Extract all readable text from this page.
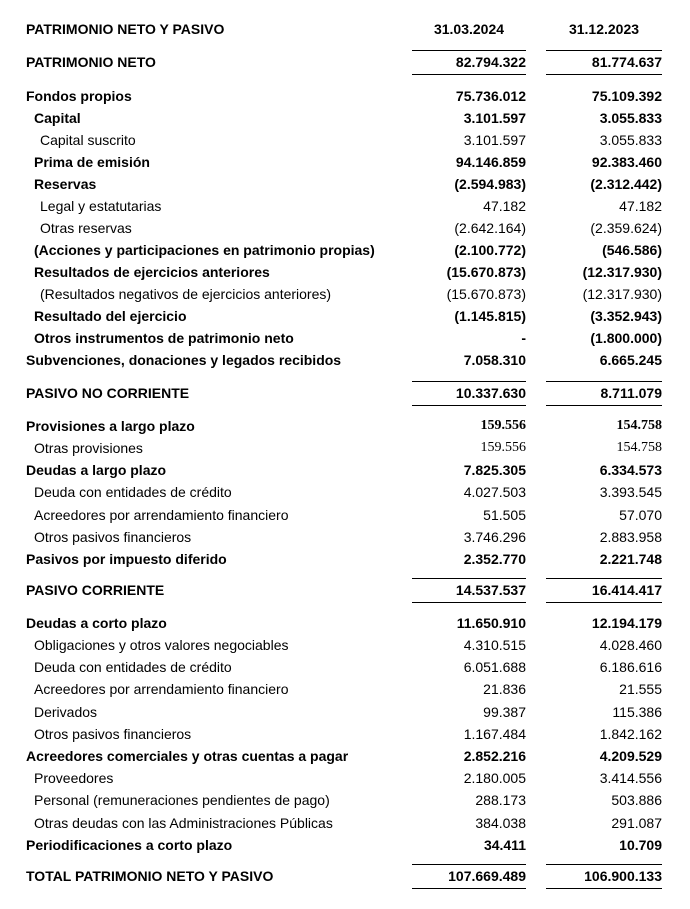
PATRIMONIO NETO Y PASIVO	31.03.2024	31.12.2023
PATRIMONIO NETO	82.794.322	81.774.637
Fondos propios	75.736.012	75.109.392
Capital	3.101.597	3.055.833
Capital suscrito	3.101.597	3.055.833
Prima de emisión	94.146.859	92.383.460
Reservas	(2.594.983)	(2.312.442)
Legal y estatutarias	47.182	47.182
Otras reservas	(2.642.164)	(2.359.624)
(Acciones y participaciones en patrimonio propias)	(2.100.772)	(546.586)
Resultados de ejercicios anteriores	(15.670.873)	(12.317.930)
(Resultados negativos de ejercicios anteriores)	(15.670.873)	(12.317.930)
Resultado del ejercicio	(1.145.815)	(3.352.943)
Otros instrumentos de patrimonio neto	-	(1.800.000)
Subvenciones, donaciones y legados recibidos	7.058.310	6.665.245
PASIVO NO CORRIENTE	10.337.630	8.711.079
Provisiones a largo plazo	159.556	154.758
Otras provisiones	159.556	154.758
Deudas a largo plazo	7.825.305	6.334.573
Deuda con entidades de crédito	4.027.503	3.393.545
Acreedores por arrendamiento financiero	51.505	57.070
Otros pasivos financieros	3.746.296	2.883.958
Pasivos por impuesto diferido	2.352.770	2.221.748
PASIVO CORRIENTE	14.537.537	16.414.417
Deudas a corto plazo	11.650.910	12.194.179
Obligaciones y otros valores negociables	4.310.515	4.028.460
Deuda con entidades de crédito	6.051.688	6.186.616
Acreedores por arrendamiento financiero	21.836	21.555
Derivados	99.387	115.386
Otros pasivos financieros	1.167.484	1.842.162
Acreedores comerciales y otras cuentas a pagar	2.852.216	4.209.529
Proveedores	2.180.005	3.414.556
Personal (remuneraciones pendientes de pago)	288.173	503.886
Otras deudas con las Administraciones Públicas	384.038	291.087
Periodificaciones a corto plazo	34.411	10.709
TOTAL PATRIMONIO NETO Y PASIVO	107.669.489	106.900.133
